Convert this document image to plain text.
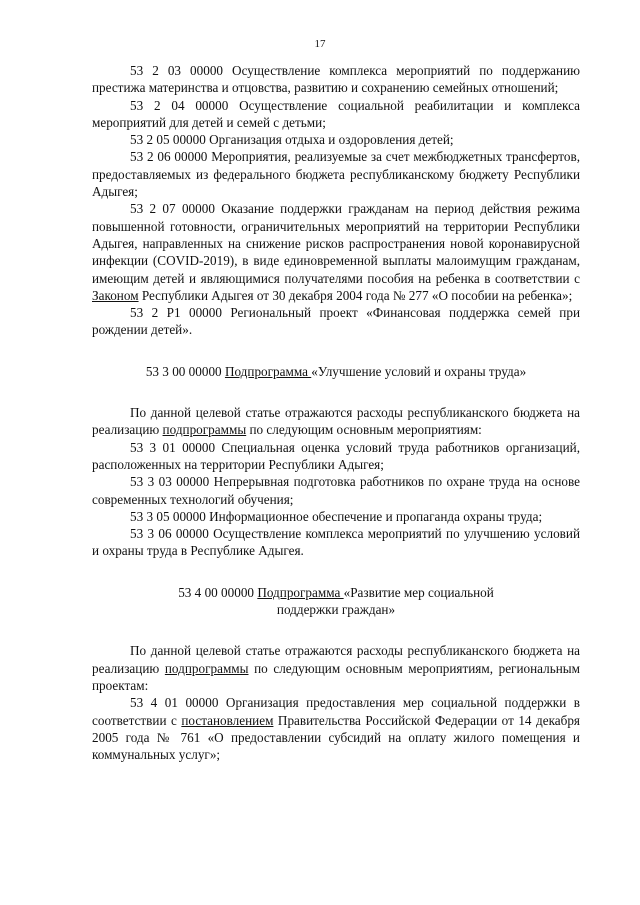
17

53 2 03 00000 Осуществление комплекса мероприятий по поддержанию престижа материнства и отцовства, развитию и сохранению семейных отношений;

53 2 04 00000 Осуществление социальной реабилитации и комплекса мероприятий для детей и семей с детьми;

53 2 05 00000 Организация отдыха и оздоровления детей;

53 2 06 00000 Мероприятия, реализуемые за счет межбюджетных трансфертов, предоставляемых из федерального бюджета республиканскому бюджету Республики Адыгея;

53 2 07 00000 Оказание поддержки гражданам на период действия режима повышенной готовности, ограничительных мероприятий на территории Республики Адыгея, направленных на снижение рисков распространения новой коронавирусной инфекции (COVID-2019), в виде единовременной выплаты малоимущим гражданам, имеющим детей и являющимися получателями пособия на ребенка в соответствии с Законом Республики Адыгея от 30 декабря 2004 года № 277 «О пособии на ребенка»;

53 2 Р1 00000 Региональный проект «Финансовая поддержка семей при рождении детей».

53 3 00 00000 Подпрограмма «Улучшение условий и охраны труда»

По данной целевой статье отражаются расходы республиканского бюджета на реализацию подпрограммы по следующим основным мероприятиям:

53 3 01 00000 Специальная оценка условий труда работников организаций, расположенных на территории Республики Адыгея;

53 3 03 00000 Непрерывная подготовка работников по охране труда на основе современных технологий обучения;

53 3 05 00000 Информационное обеспечение и пропаганда охраны труда;

53 3 06 00000 Осуществление комплекса мероприятий по улучшению условий и охраны труда в Республике Адыгея.

53 4 00 00000 Подпрограмма «Развитие мер социальной
поддержки граждан»

По данной целевой статье отражаются расходы республиканского бюджета на реализацию подпрограммы по следующим основным мероприятиям, региональным проектам:

53 4 01 00000 Организация предоставления мер социальной поддержки в соответствии с постановлением Правительства Российской Федерации от 14 декабря 2005 года № 761 «О предоставлении субсидий на оплату жилого помещения и коммунальных услуг»;
